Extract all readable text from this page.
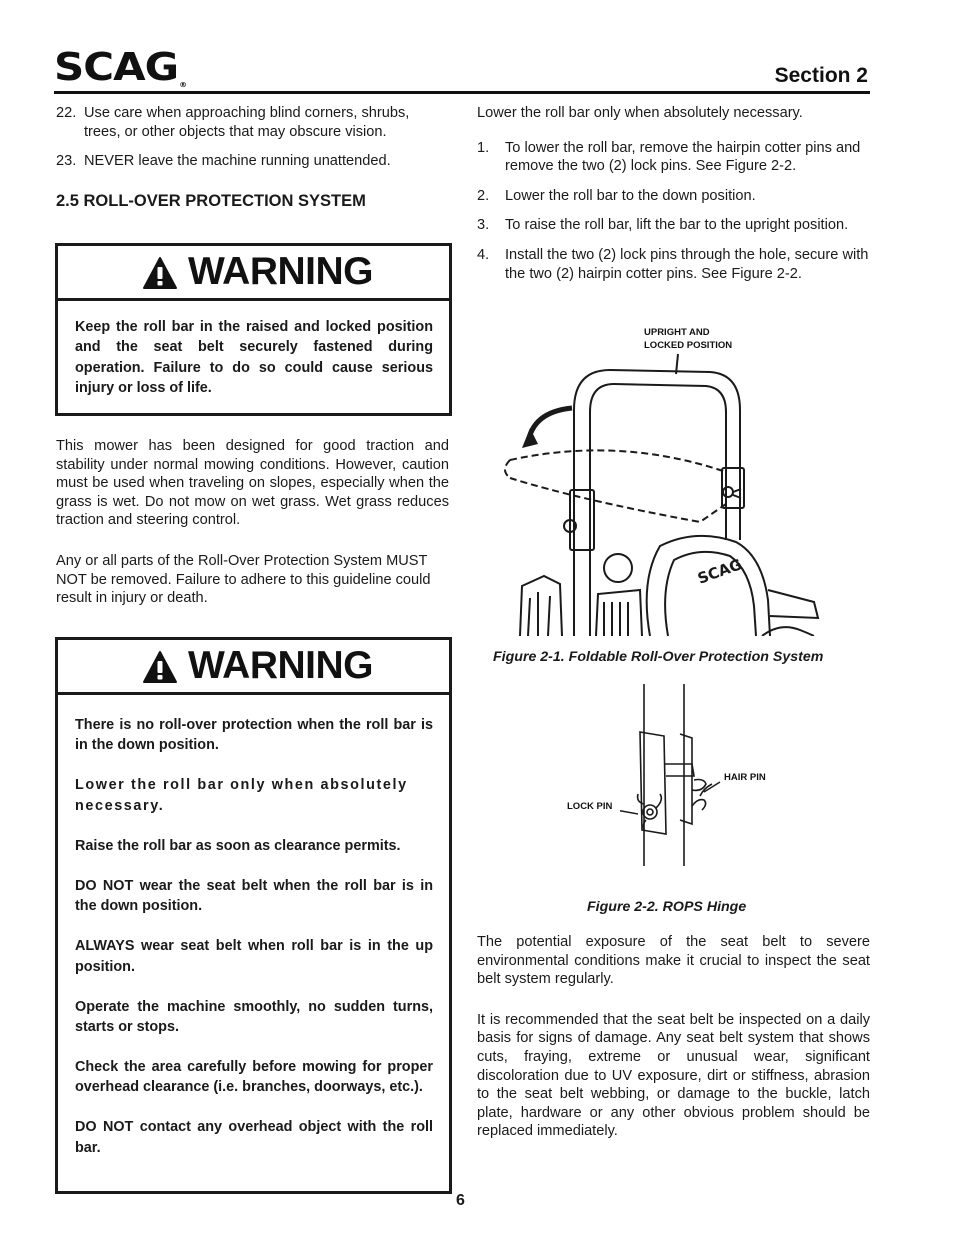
SCAG®	Section 2
22. Use care when approaching blind corners, shrubs, trees, or other objects that may obscure vision.
23. NEVER leave the machine running unattended.
2.5 ROLL-OVER PROTECTION SYSTEM
WARNING

Keep the roll bar in the raised and locked position and the seat belt securely fastened during operation. Failure to do so could cause serious injury or loss of life.

This mower has been designed for good traction and stability under normal mowing conditions. However, caution must be used when traveling on slopes, especially when the grass is wet. Do not mow on wet grass. Wet grass reduces traction and steering control.

Any or all parts of the Roll-Over Protection System MUST NOT be removed. Failure to adhere to this guideline could result in injury or death.

WARNING

There is no roll-over protection when the roll bar is in the down position.

Lower the roll bar only when absolutely necessary.

Raise the roll bar as soon as clearance permits.

DO NOT wear the seat belt when the roll bar is in the down position.

ALWAYS wear seat belt when roll bar is in the up position.

Operate the machine smoothly, no sudden turns, starts or stops.

Check the area carefully before mowing for proper overhead clearance (i.e. branches, doorways, etc.).

DO NOT contact any overhead object with the roll bar.

Lower the roll bar only when absolutely necessary.

1.	To lower the roll bar, remove the hairpin cotter pins and remove the two (2) lock pins. See Figure 2-2.
2.	Lower the roll bar to the down position.
3.	To raise the roll bar, lift the bar to the upright position.
4.	Install the two (2) lock pins through the hole, secure with the two (2) hairpin cotter pins. See Figure 2-2.
UPRIGHT AND
LOCKED POSITION
SCAG
Figure 2-1. Foldable Roll-Over Protection System
HAIR PIN
LOCK PIN
Figure 2-2. ROPS Hinge

The potential exposure of the seat belt to severe environmental conditions make it crucial to inspect the seat belt system regularly.

It is recommended that the seat belt be inspected on a daily basis for signs of damage. Any seat belt system that shows cuts, fraying, extreme or unusual wear, significant discoloration due to UV exposure, dirt or stiffness, abrasion to the seat belt webbing, or damage to the buckle, latch plate, hardware or any other obvious problem should be replaced immediately.

6
